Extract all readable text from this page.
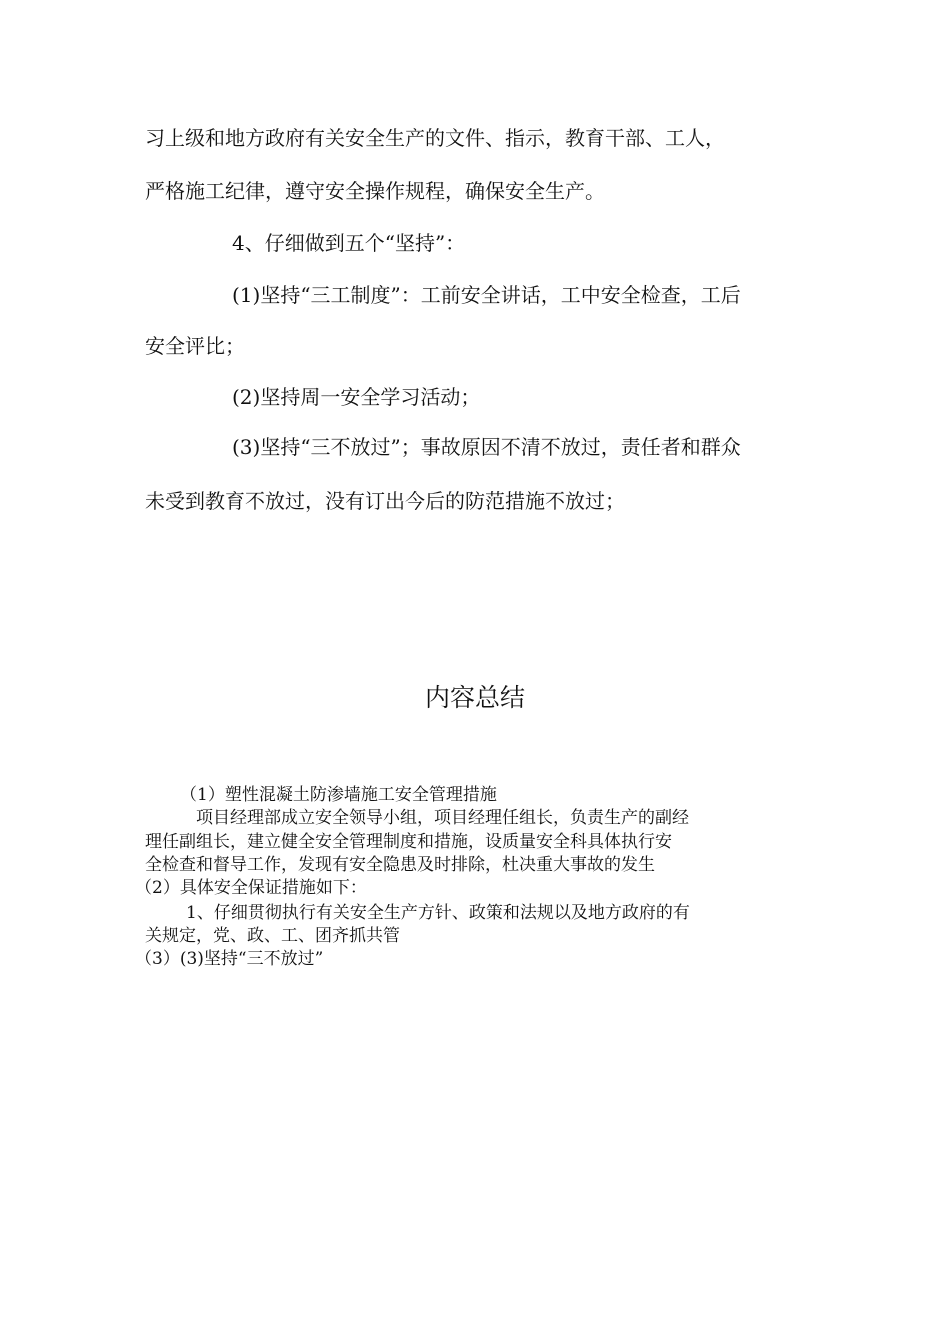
习上级和地方政府有关安全生产的文件、指示，教育干部、工人，
严格施工纪律，遵守安全操作规程，确保安全生产。
4、仔细做到五个“坚持”：
(1)坚持“三工制度”：工前安全讲话，工中安全检查，工后
安全评比；
(2)坚持周一安全学习活动；
(3)坚持“三不放过”；事故原因不清不放过，责任者和群众
未受到教育不放过，没有订出今后的防范措施不放过；
内容总结
（1）塑性混凝土防渗墙施工安全管理措施
项目经理部成立安全领导小组，项目经理任组长，负责生产的副经
理任副组长，建立健全安全管理制度和措施，设质量安全科具体执行安
全检查和督导工作，发现有安全隐患及时排除，杜决重大事故的发生
（2）具体安全保证措施如下：
1、仔细贯彻执行有关安全生产方针、政策和法规以及地方政府的有
关规定，党、政、工、团齐抓共管
（3）(3)坚持“三不放过”
